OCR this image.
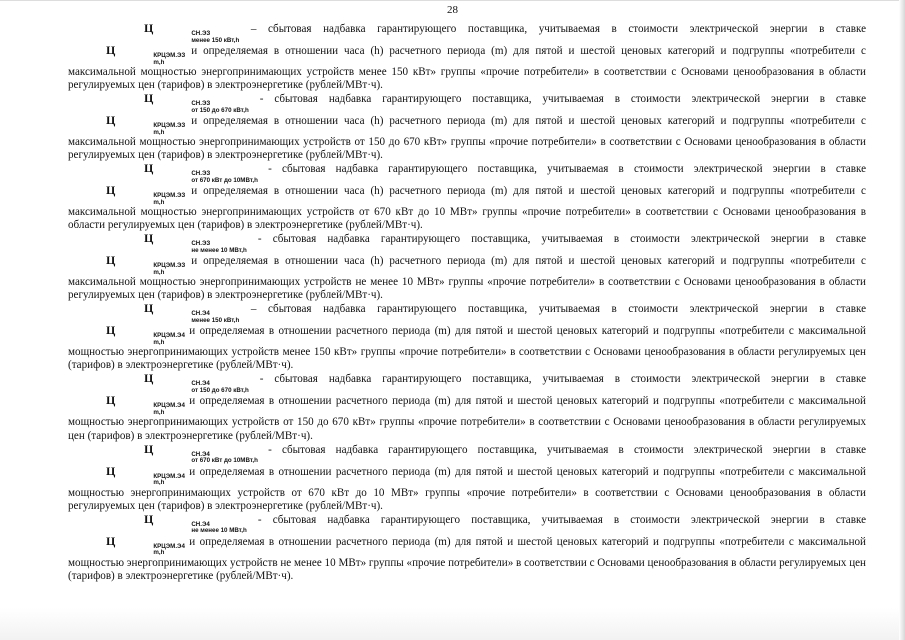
28

Ц	СН.ЭЗ
менее 150 кВт,h
– сбытовая надбавка гарантирующего поставщика, учитываемая в стоимости электрической энергии в ставке Ц	КРЦЭМ.ЭЗ
m,h
и определяемая в отношении часа (h) расчетного периода (m) для пятой и шестой ценовых категорий и подгруппы «потребители с максимальной мощностью энергопринимающих устройств менее 150 кВт» группы «прочие потребители» в соответствии с Основами ценообразования в области регулируемых цен (тарифов) в электроэнергетике (рублей/МВт·ч).

Ц	СН.ЭЗ
от 150 до 670 кВт,h
- сбытовая надбавка гарантирующего поставщика, учитываемая в стоимости электрической энергии в ставке Ц	КРЦЭМ.ЭЗ
m,h
и определяемая в отношении часа (h) расчетного периода (m) для пятой и шестой ценовых категорий и подгруппы «потребители с максимальной мощностью энергопринимающих устройств от 150 до 670 кВт» группы «прочие потребители» в соответствии с Основами ценообразования в области регулируемых цен (тарифов) в электроэнергетике (рублей/МВт·ч).

Ц	СН.ЭЗ
от 670 кВт до 10МВт,h
- сбытовая надбавка гарантирующего поставщика, учитываемая в стоимости электрической энергии в ставке Ц	КРЦЭМ.ЭЗ
m,h
и определяемая в отношении часа (h) расчетного периода (m) для пятой и шестой ценовых категорий и подгруппы «потребители с максимальной мощностью энергопринимающих устройств от 670 кВт до 10 МВт» группы «прочие потребители» в соответствии с Основами ценообразования в области регулируемых цен (тарифов) в электроэнергетике (рублей/МВт·ч).

Ц	СН.ЭЗ
не менее 10 МВт,h
- сбытовая надбавка гарантирующего поставщика, учитываемая в стоимости электрической энергии в ставке Ц	КРЦЭМ.ЭЗ
m,h
и определяемая в отношении часа (h) расчетного периода (m) для пятой и шестой ценовых категорий и подгруппы «потребители с максимальной мощностью энергопринимающих устройств не менее 10 МВт» группы «прочие потребители» в соответствии с Основами ценообразования в области регулируемых цен (тарифов) в электроэнергетике (рублей/МВт·ч).

Ц	СН.Э4
менее 150 кВт,h
– сбытовая надбавка гарантирующего поставщика, учитываемая в стоимости электрической энергии в ставке Ц	КРЦЭМ.Э4
m,h
и определяемая в отношении расчетного периода (m) для пятой и шестой ценовых категорий и подгруппы «потребители с максимальной мощностью энергопринимающих устройств менее 150 кВт» группы «прочие потребители» в соответствии с Основами ценообразования в области регулируемых цен (тарифов) в электроэнергетике (рублей/МВт·ч).

Ц	СН.Э4
от 150 до 670 кВт,h
- сбытовая надбавка гарантирующего поставщика, учитываемая в стоимости электрической энергии в ставке Ц	КРЦЭМ.Э4
m,h
и определяемая в отношении расчетного периода (m) для пятой и шестой ценовых категорий и подгруппы «потребители с максимальной мощностью энергопринимающих устройств от 150 до 670 кВт» группы «прочие потребители» в соответствии с Основами ценообразования в области регулируемых цен (тарифов) в электроэнергетике (рублей/МВт·ч).

Ц	СН.Э4
от 670 кВт до 10МВт,h
- сбытовая надбавка гарантирующего поставщика, учитываемая в стоимости электрической энергии в ставке Ц	КРЦЭМ.Э4
m,h
и определяемая в отношении расчетного периода (m) для пятой и шестой ценовых категорий и подгруппы «потребители с максимальной мощностью энергопринимающих устройств от 670 кВт до 10 МВт» группы «прочие потребители» в соответствии с Основами ценообразования в области регулируемых цен (тарифов) в электроэнергетике (рублей/МВт·ч).

Ц	СН.Э4
не менее 10 МВт,h
- сбытовая надбавка гарантирующего поставщика, учитываемая в стоимости электрической энергии в ставке Ц	КРЦЭМ.Э4
m,h
и определяемая в отношении расчетного периода (m) для пятой и шестой ценовых категорий и подгруппы «потребители с максимальной мощностью энергопринимающих устройств не менее 10 МВт» группы «прочие потребители» в соответствии с Основами ценообразования в области регулируемых цен (тарифов) в электроэнергетике (рублей/МВт·ч).
